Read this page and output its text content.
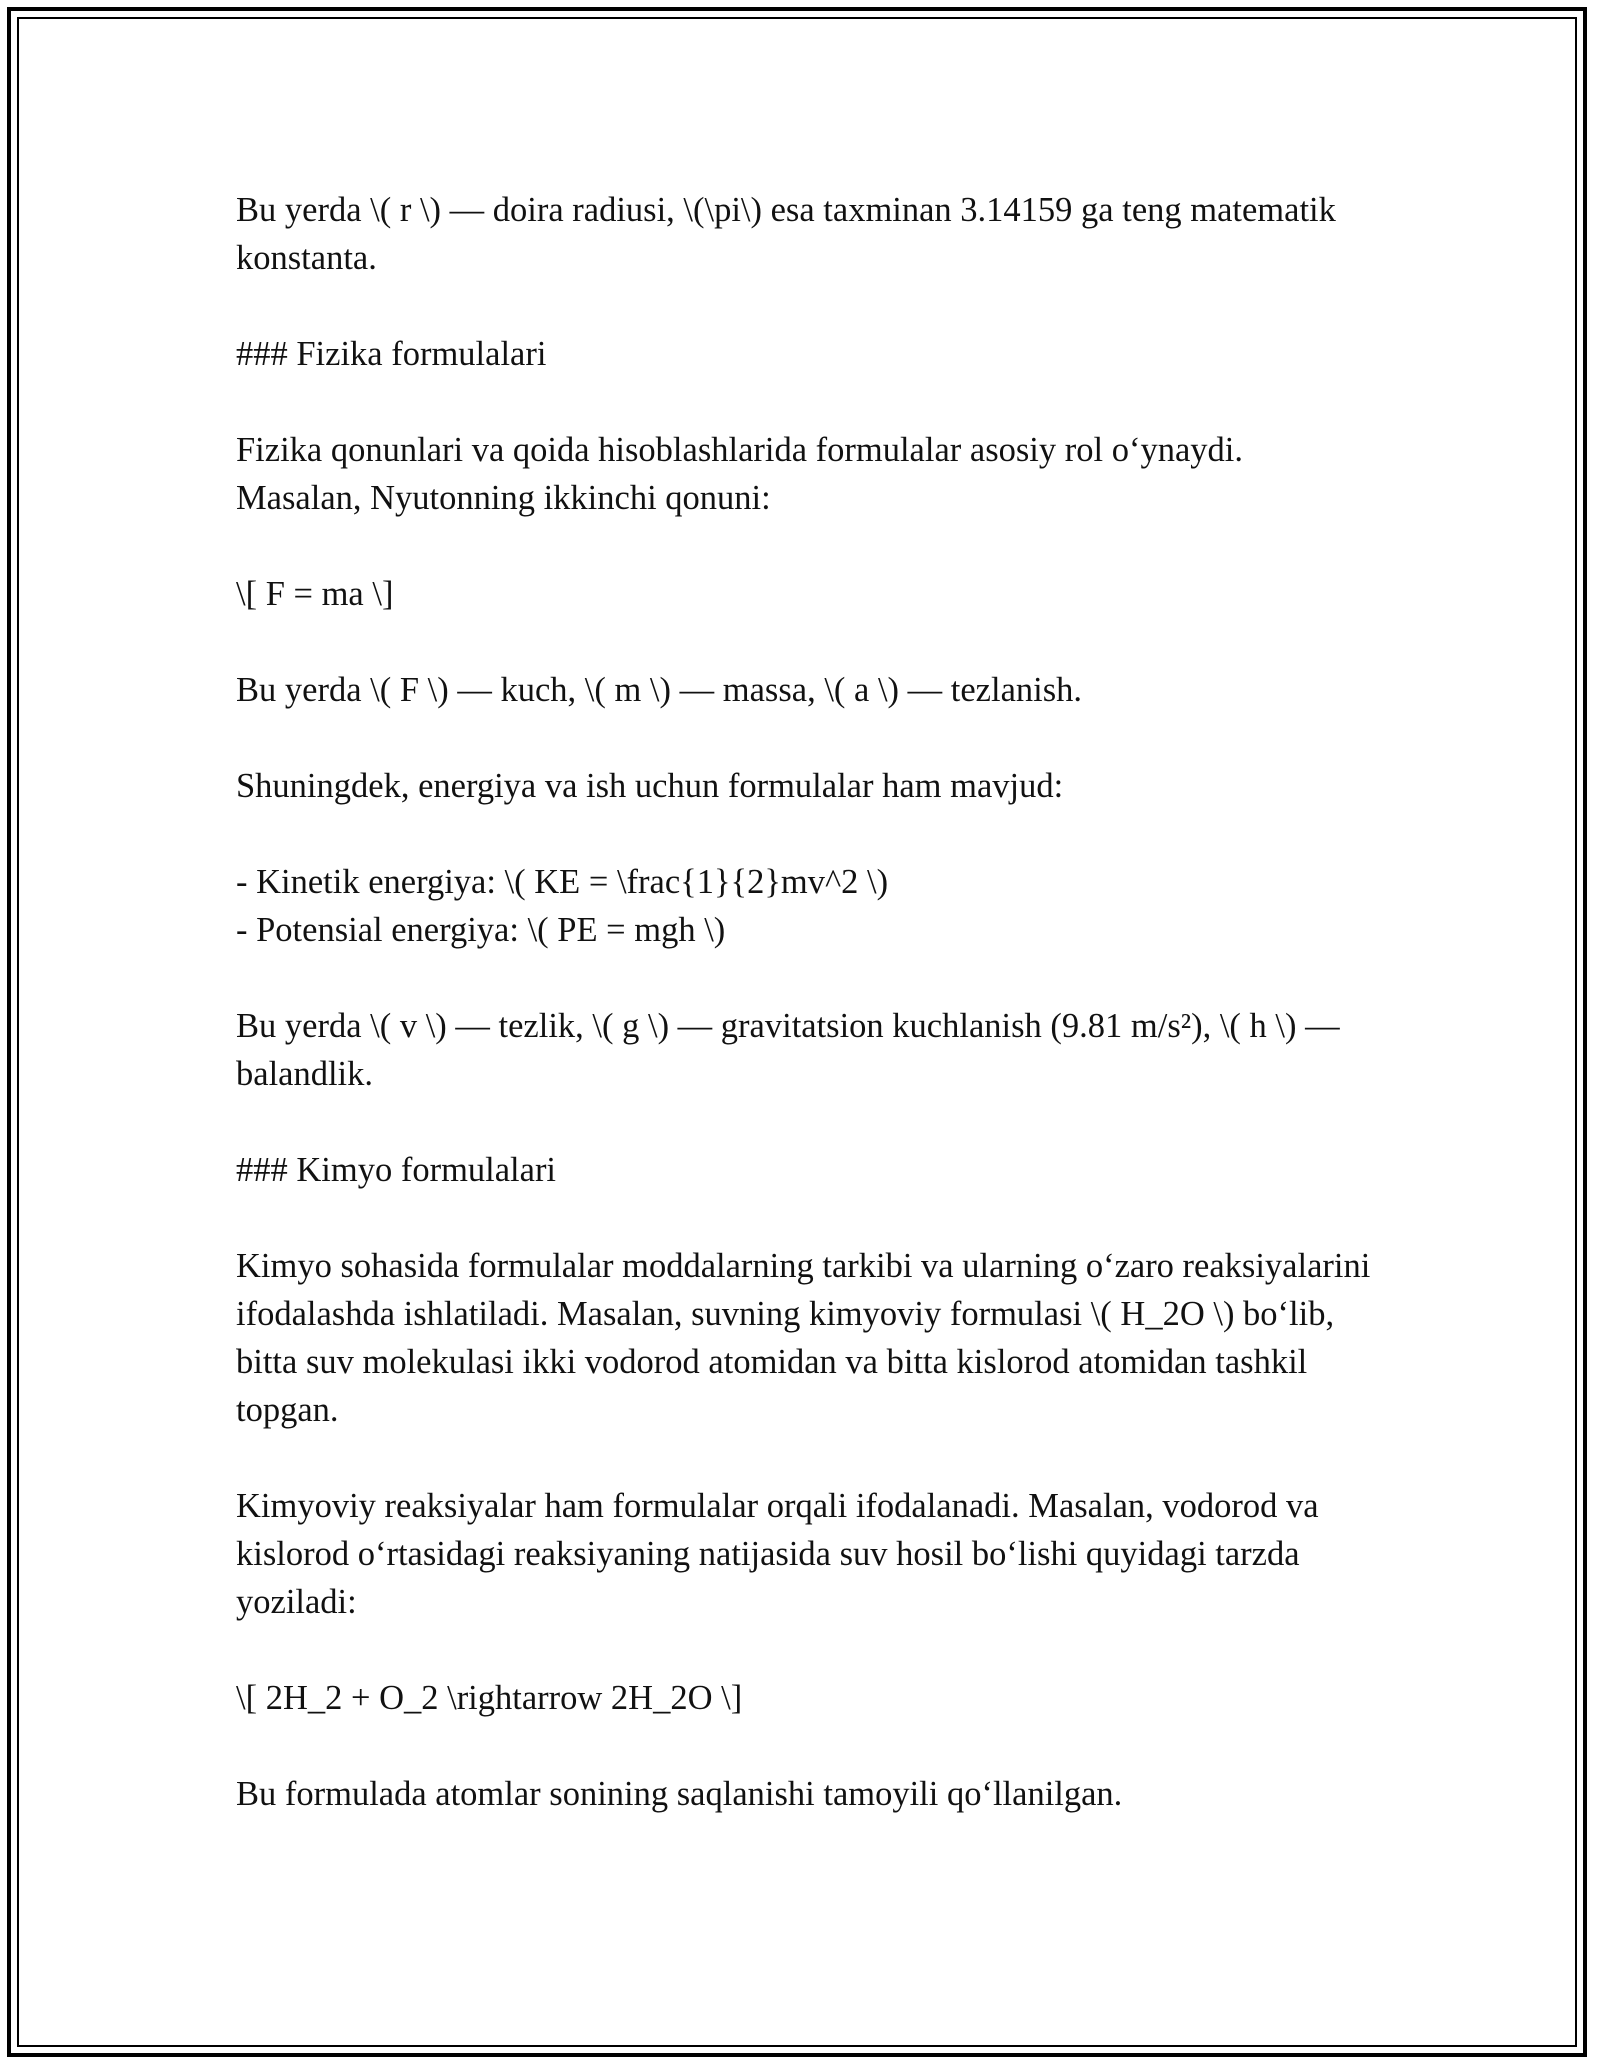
Bu yerda \( r \) — doira radiusi, \(\pi\) esa taxminan 3.14159 ga teng matematik konstanta.

### Fizika formulalari

Fizika qonunlari va qoida hisoblashlarida formulalar asosiy rol oʻynaydi. Masalan, Nyutonning ikkinchi qonuni:

\[ F = ma \]

Bu yerda \( F \) — kuch, \( m \) — massa, \( a \) — tezlanish.

Shuningdek, energiya va ish uchun formulalar ham mavjud:

- Kinetik energiya: \( KE = \frac{1}{2}mv^2 \)
- Potensial energiya: \( PE = mgh \)

Bu yerda \( v \) — tezlik, \( g \) — gravitatsion kuchlanish (9.81 m/s²), \( h \) — balandlik.

### Kimyo formulalari

Kimyo sohasida formulalar moddalarning tarkibi va ularning oʻzaro reaksiyalarini ifodalashda ishlatiladi. Masalan, suvning kimyoviy formulasi \( H_2O \) boʻlib, bitta suv molekulasi ikki vodorod atomidan va bitta kislorod atomidan tashkil topgan.

Kimyoviy reaksiyalar ham formulalar orqali ifodalanadi. Masalan, vodorod va kislorod oʻrtasidagi reaksiyaning natijasida suv hosil boʻlishi quyidagi tarzda yoziladi:

\[ 2H_2 + O_2 \rightarrow 2H_2O \]

Bu formulada atomlar sonining saqlanishi tamoyili qoʻllanilgan.
